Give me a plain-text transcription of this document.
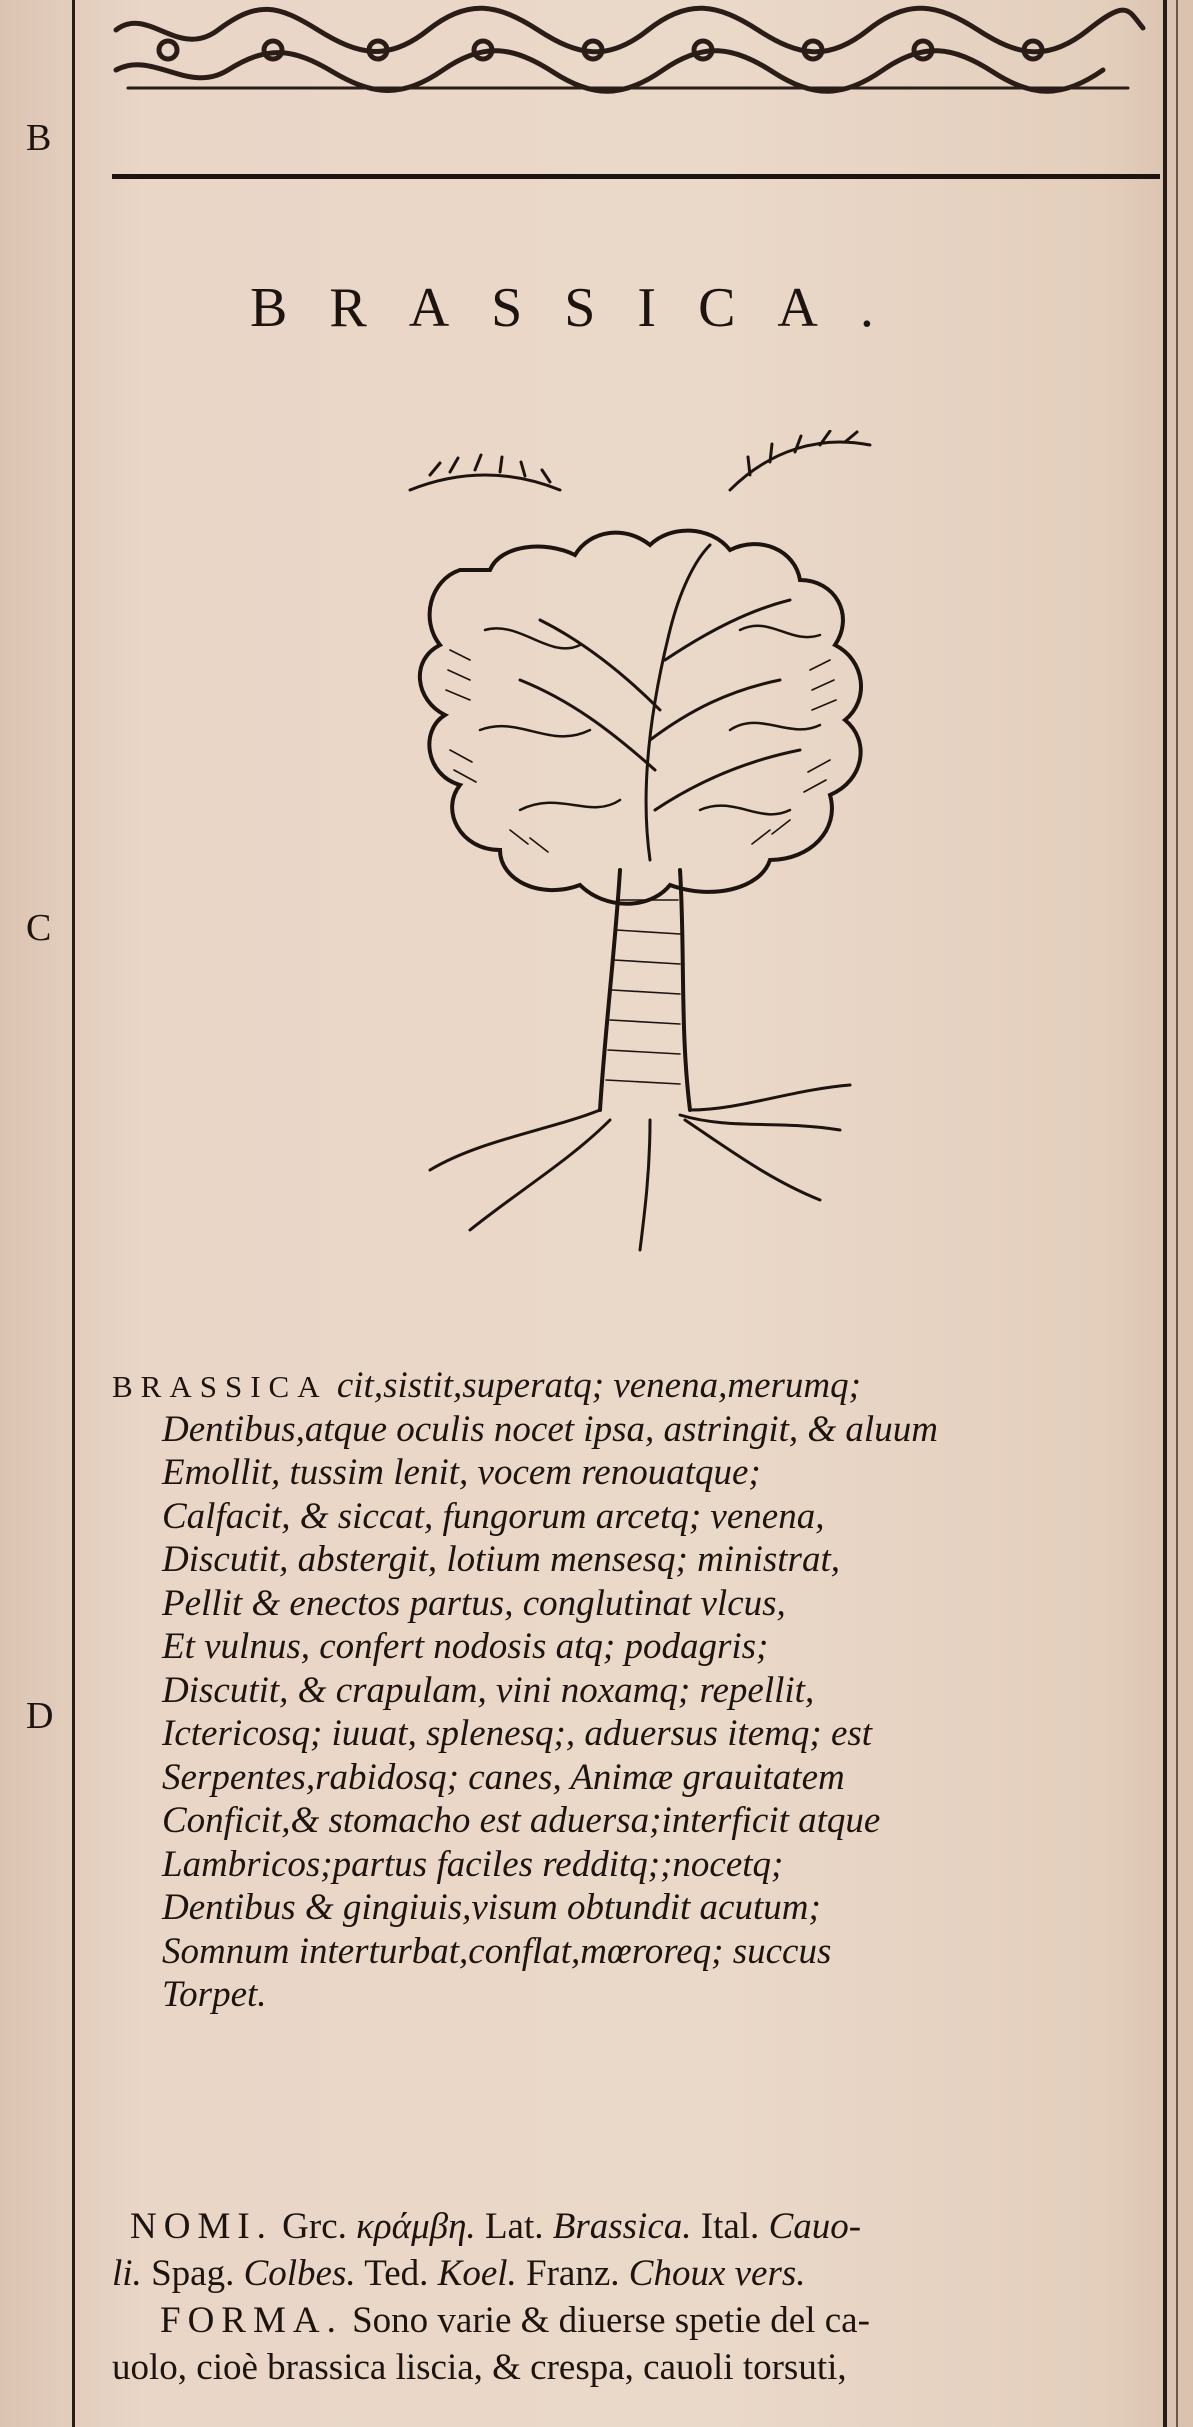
B
C
D
BRASSICA.
BRASSICA cit,sistit,superatq; venena,merumq;
Dentibus,atque oculis nocet ipsa, astringit, & aluum
Emollit, tussim lenit, vocem renouatque;
Calfacit, & siccat, fungorum arcetq; venena,
Discutit, abstergit, lotium mensesq; ministrat,
Pellit & enectos partus, conglutinat vlcus,
Et vulnus, confert nodosis atq; podagris;
Discutit, & crapulam, vini noxamq; repellit,
Ictericosq; iuuat, splenesq;, aduersus itemq; est
Serpentes,rabidosq; canes, Animæ grauitatem
Conficit,& stomacho est aduersa;interficit atque
Lambricos;partus faciles redditq;;nocetq;
Dentibus & gingiuis,visum obtundit acutum;
Somnum interturbat,conflat,mœroreq; succus
Torpet.
NOMI. Grc. κράμβη. Lat. Brassica. Ital. Cauo-
li. Spag. Colbes. Ted. Koel. Franz. Choux vers.
FORMA. Sono varie & diuerse spetie del ca-
uolo, cioè brassica liscia, & crespa, cauoli torsuti,
